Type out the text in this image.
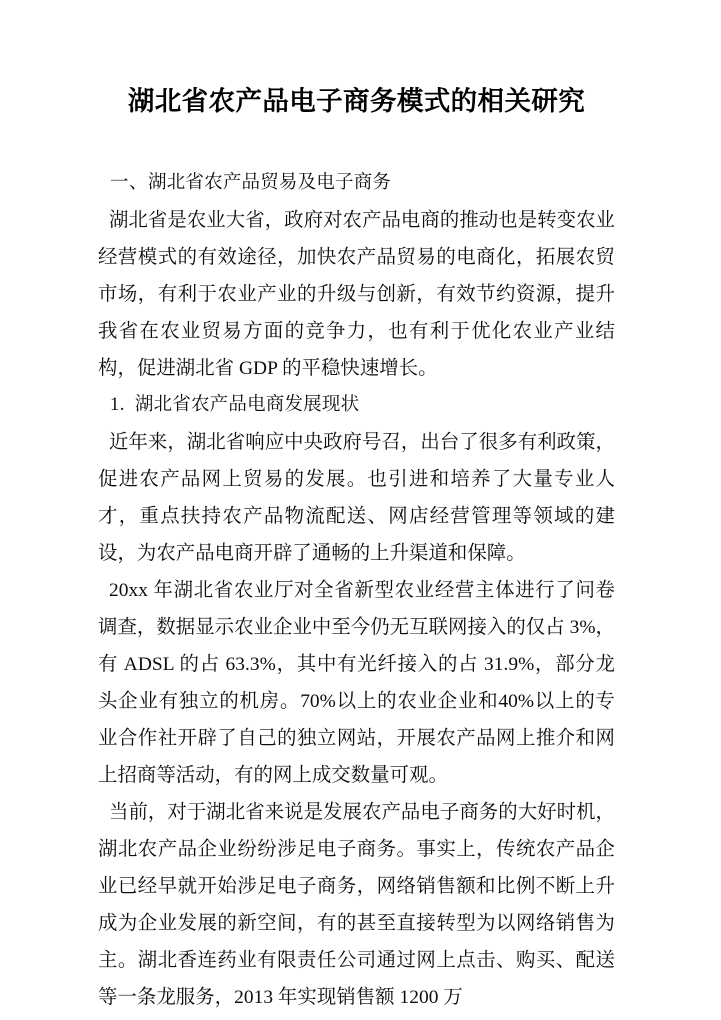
湖北省农产品电子商务模式的相关研究
一、湖北省农产品贸易及电子商务

湖北省是农业大省，政府对农产品电商的推动也是转变农业经营模式的有效途径，加快农产品贸易的电商化，拓展农贸市场，有利于农业产业的升级与创新，有效节约资源，提升我省在农业贸易方面的竞争力，也有利于优化农业产业结构，促进湖北省 GDP 的平稳快速增长。

1. 湖北省农产品电商发展现状

近年来，湖北省响应中央政府号召，出台了很多有利政策，促进农产品网上贸易的发展。也引进和培养了大量专业人才，重点扶持农产品物流配送、网店经营管理等领域的建设，为农产品电商开辟了通畅的上升渠道和保障。

20xx 年湖北省农业厅对全省新型农业经营主体进行了问卷调查，数据显示农业企业中至今仍无互联网接入的仅占 3%，有 ADSL 的占 63.3%，其中有光纤接入的占 31.9%，部分龙头企业有独立的机房。70%以上的农业企业和40%以上的专业合作社开辟了自己的独立网站，开展农产品网上推介和网上招商等活动，有的网上成交数量可观。

当前，对于湖北省来说是发展农产品电子商务的大好时机，湖北农产品企业纷纷涉足电子商务。事实上，传统农产品企业已经早就开始涉足电子商务，网络销售额和比例不断上升成为企业发展的新空间，有的甚至直接转型为以网络销售为主。湖北香连药业有限责任公司通过网上点击、购买、配送等一条龙服务，2013 年实现销售额 1200 万
